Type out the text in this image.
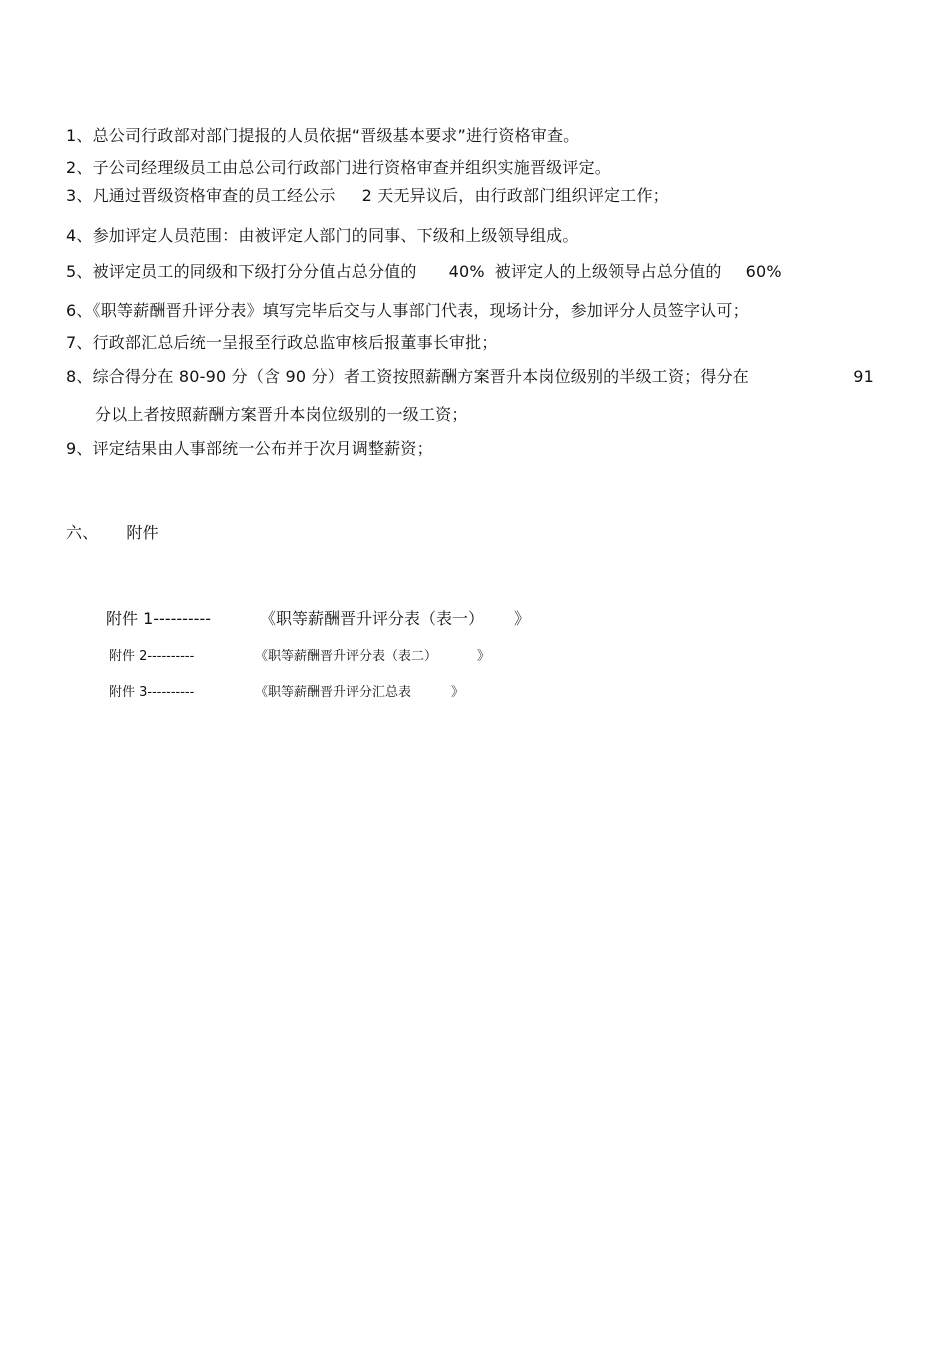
1、总公司行政部对部门提报的人员依据“晋级基本要求”进行资格审查。
2、子公司经理级员工由总公司行政部门进行资格审查并组织实施晋级评定。
3、凡通过晋级资格审查的员工经公示 2 天无异议后，由行政部门组织评定工作；
4、参加评定人员范围：由被评定人部门的同事、下级和上级领导组成。
5、被评定员工的同级和下级打分分值占总分值的 40% 被评定人的上级领导占总分值的 60%
6、《职等薪酬晋升评分表》填写完毕后交与人事部门代表，现场计分，参加评分人员签字认可；
7、行政部汇总后统一呈报至行政总监审核后报董事长审批；
8、综合得分在 80-90 分（含 90 分）者工资按照薪酬方案晋升本岗位级别的半级工资；得分在	91
分以上者按照薪酬方案晋升本岗位级别的一级工资；
9、评定结果由人事部统一公布并于次月调整薪资；
六、 附件
附件 1----------	《职等薪酬晋升评分表（表一） 》
附件 2----------	《职等薪酬晋升评分表（表二）	》
附件 3----------	《职等薪酬晋升评分汇总表	》
